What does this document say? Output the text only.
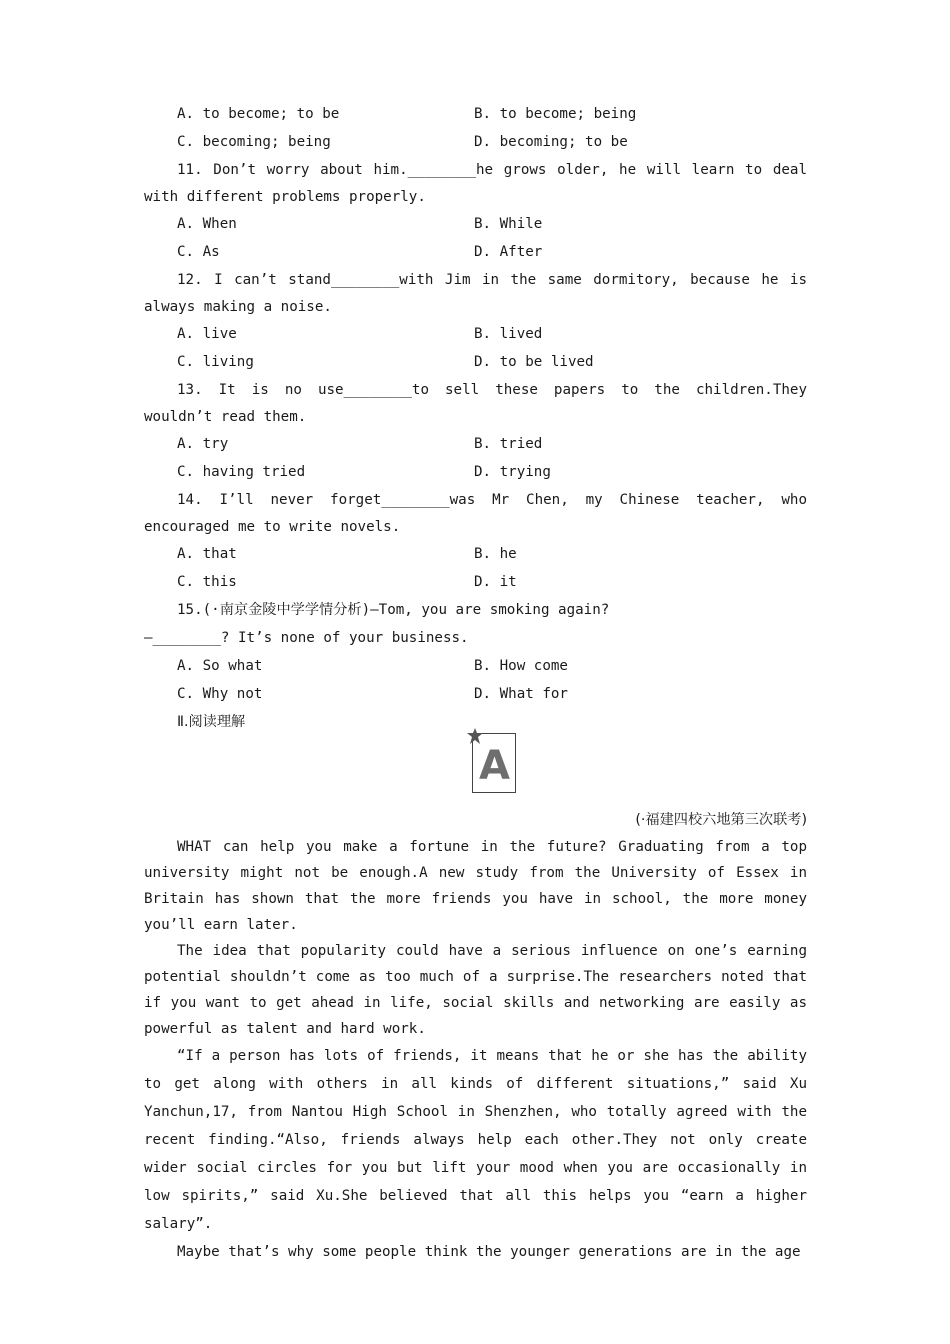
A. to become; to be	B. to become; being
C. becoming; being	D. becoming; to be
11. Don’t worry about him.________he grows older, he will learn to deal
with different problems properly.
A. When	B. While
C. As	D. After
12. I can’t stand________with Jim in the same dormitory, because he is
always making a noise.
A. live	B. lived
C. living	D. to be lived
13. It is no use________to sell these papers to the children.They
wouldn’t read them.
A. try	B. tried
C. having tried	D. trying
14. I’ll never forget________was Mr Chen, my Chinese teacher, who
encouraged me to write novels.
A. that	B. he
C. this	D. it
15.(·南京金陵中学学情分析)—Tom, you are smoking again?
—________? It’s none of your business.
A. So what	B. How come
C. Why not	D. What for
Ⅱ.阅读理解
(·福建四校六地第三次联考)
WHAT can help you make a fortune in the future? Graduating from a top
university might not be enough.A new study from the University of Essex in
Britain has shown that the more friends you have in school, the more money
you’ll earn later.
The idea that popularity could have a serious influence on one’s earning
potential shouldn’t come as too much of a surprise.The researchers noted that
if you want to get ahead in life, social skills and networking are easily as
powerful as talent and hard work.
“If a person has lots of friends, it means that he or she has the ability
to get along with others in all kinds of different situations,” said Xu
Yanchun,17, from Nantou High School in Shenzhen, who totally agreed with the
recent finding.“Also, friends always help each other.They not only create
wider social circles for you but lift your mood when you are occasionally in
low spirits,” said Xu.She believed that all this helps you “earn a higher
salary”.
Maybe that’s why some people think the younger generations are in the age
A
